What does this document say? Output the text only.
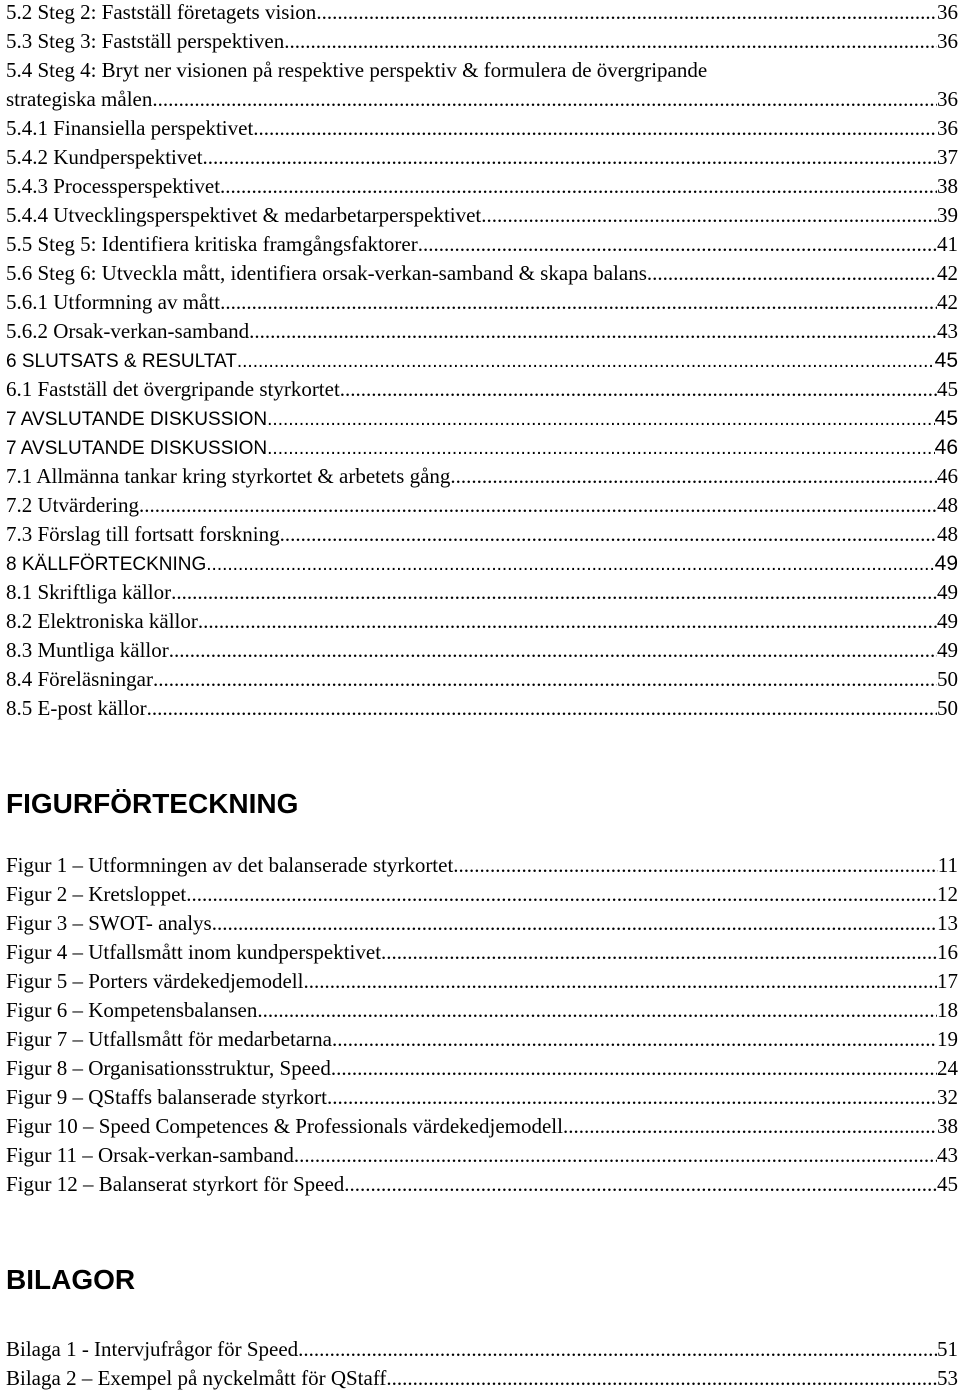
5.2 Steg 2: Fastställ företagets vision .....	36
5.3 Steg 3: Fastställ perspektiven .....	36
5.4 Steg 4: Bryt ner visionen på respektive perspektiv & formulera de övergripande
strategiska målen .....	36
5.4.1 Finansiella perspektivet .....	36
5.4.2 Kundperspektivet .....	37
5.4.3 Processperspektivet .....	38
5.4.4 Utvecklingsperspektivet & medarbetarperspektivet .....	39
5.5 Steg 5: Identifiera kritiska framgångsfaktorer .....	41
5.6 Steg 6: Utveckla mått, identifiera orsak-verkan-samband & skapa balans .....	42
5.6.1 Utformning av mått .....	42
5.6.2 Orsak-verkan-samband .....	43
6 SLUTSATS & RESULTAT .....	45
6.1 Fastställ det övergripande styrkortet .....	45
7 AVSLUTANDE DISKUSSION .....	45
7 AVSLUTANDE DISKUSSION .....	46
7.1 Allmänna tankar kring styrkortet & arbetets gång .....	46
7.2 Utvärdering .....	48
7.3 Förslag till fortsatt forskning .....	48
8 KÄLLFÖRTECKNING .....	49
8.1 Skriftliga källor .....	49
8.2 Elektroniska källor .....	49
8.3 Muntliga källor .....	49
8.4 Föreläsningar .....	50
8.5 E-post källor .....	50
FIGURFÖRTECKNING
Figur 1 – Utformningen av det balanserade styrkortet .....	11
Figur 2 – Kretsloppet .....	12
Figur 3 – SWOT- analys .....	13
Figur 4 – Utfallsmått inom kundperspektivet .....	16
Figur 5 – Porters värdekedjemodell .....	17
Figur 6 – Kompetensbalansen .....	18
Figur 7 – Utfallsmått för medarbetarna .....	19
Figur 8 – Organisationsstruktur, Speed .....	24
Figur 9 – QStaffs balanserade styrkort .....	32
Figur 10 – Speed Competences & Professionals värdekedjemodell .....	38
Figur 11 – Orsak-verkan-samband .....	43
Figur 12 – Balanserat styrkort för Speed .....	45
BILAGOR
Bilaga 1 - Intervjufrågor för Speed .....	51
Bilaga 2 – Exempel på nyckelmått för QStaff .....	53
